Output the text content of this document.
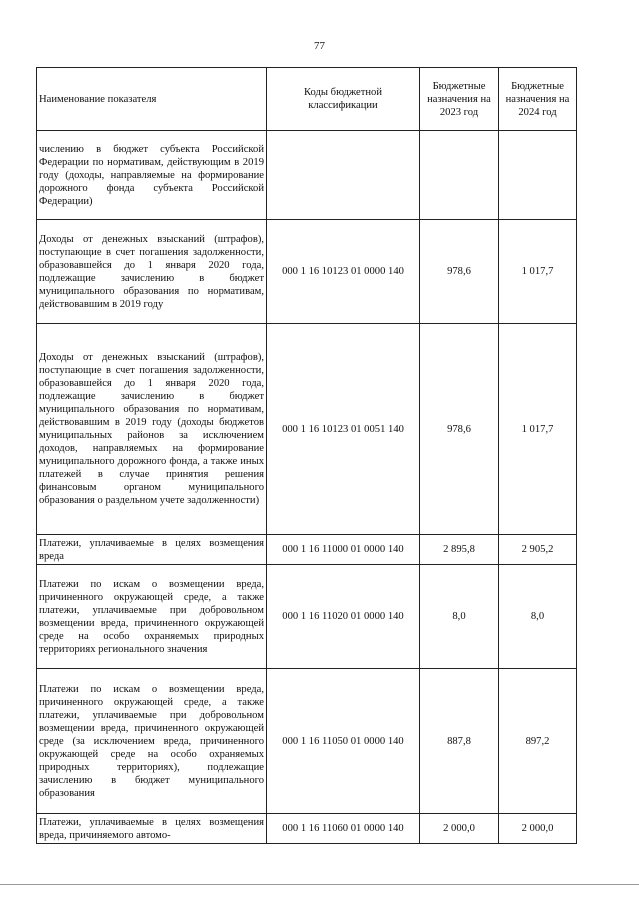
77
Наименование показателя	Коды бюджетной классификации	Бюджетные назначения на 2023 год	Бюджетные назначения на 2024 год
числению в бюджет субъекта Российской Федерации по нормативам, действующим в 2019 году (доходы, направляемые на формирование дорожного фонда субъекта Российской Федерации)			
Доходы от денежных взысканий (штрафов), поступающие в счет погашения задолженности, образовавшейся до 1 января 2020 года, подлежащие зачислению в бюджет муниципального образования по нормативам, действовавшим в 2019 году	000 1 16 10123 01 0000 140	978,6	1 017,7
Доходы от денежных взысканий (штрафов), поступающие в счет погашения задолженности, образовавшейся до 1 января 2020 года, подлежащие зачислению в бюджет муниципального образования по нормативам, действовавшим в 2019 году (доходы бюджетов муниципальных районов за исключением доходов, направляемых на формирование муниципального дорожного фонда, а также иных платежей в случае принятия решения финансовым органом муниципального образования о раздельном учете задолженности)	000 1 16 10123 01 0051 140	978,6	1 017,7
Платежи, уплачиваемые в целях возмещения вреда	000 1 16 11000 01 0000 140	2 895,8	2 905,2
Платежи по искам о возмещении вреда, причиненного окружающей среде, а также платежи, уплачиваемые при добровольном возмещении вреда, причиненного окружающей среде на особо охраняемых природных территориях регионального значения	000 1 16 11020 01 0000 140	8,0	8,0
Платежи по искам о возмещении вреда, причиненного окружающей среде, а также платежи, уплачиваемые при добровольном возмещении вреда, причиненного окружающей среде (за исключением вреда, причиненного окружающей среде на особо охраняемых природных территориях), подлежащие зачислению в бюджет муниципального образования	000 1 16 11050 01 0000 140	887,8	897,2
Платежи, уплачиваемые в целях возмещения вреда, причиняемого автомо-	000 1 16 11060 01 0000 140	2 000,0	2 000,0
